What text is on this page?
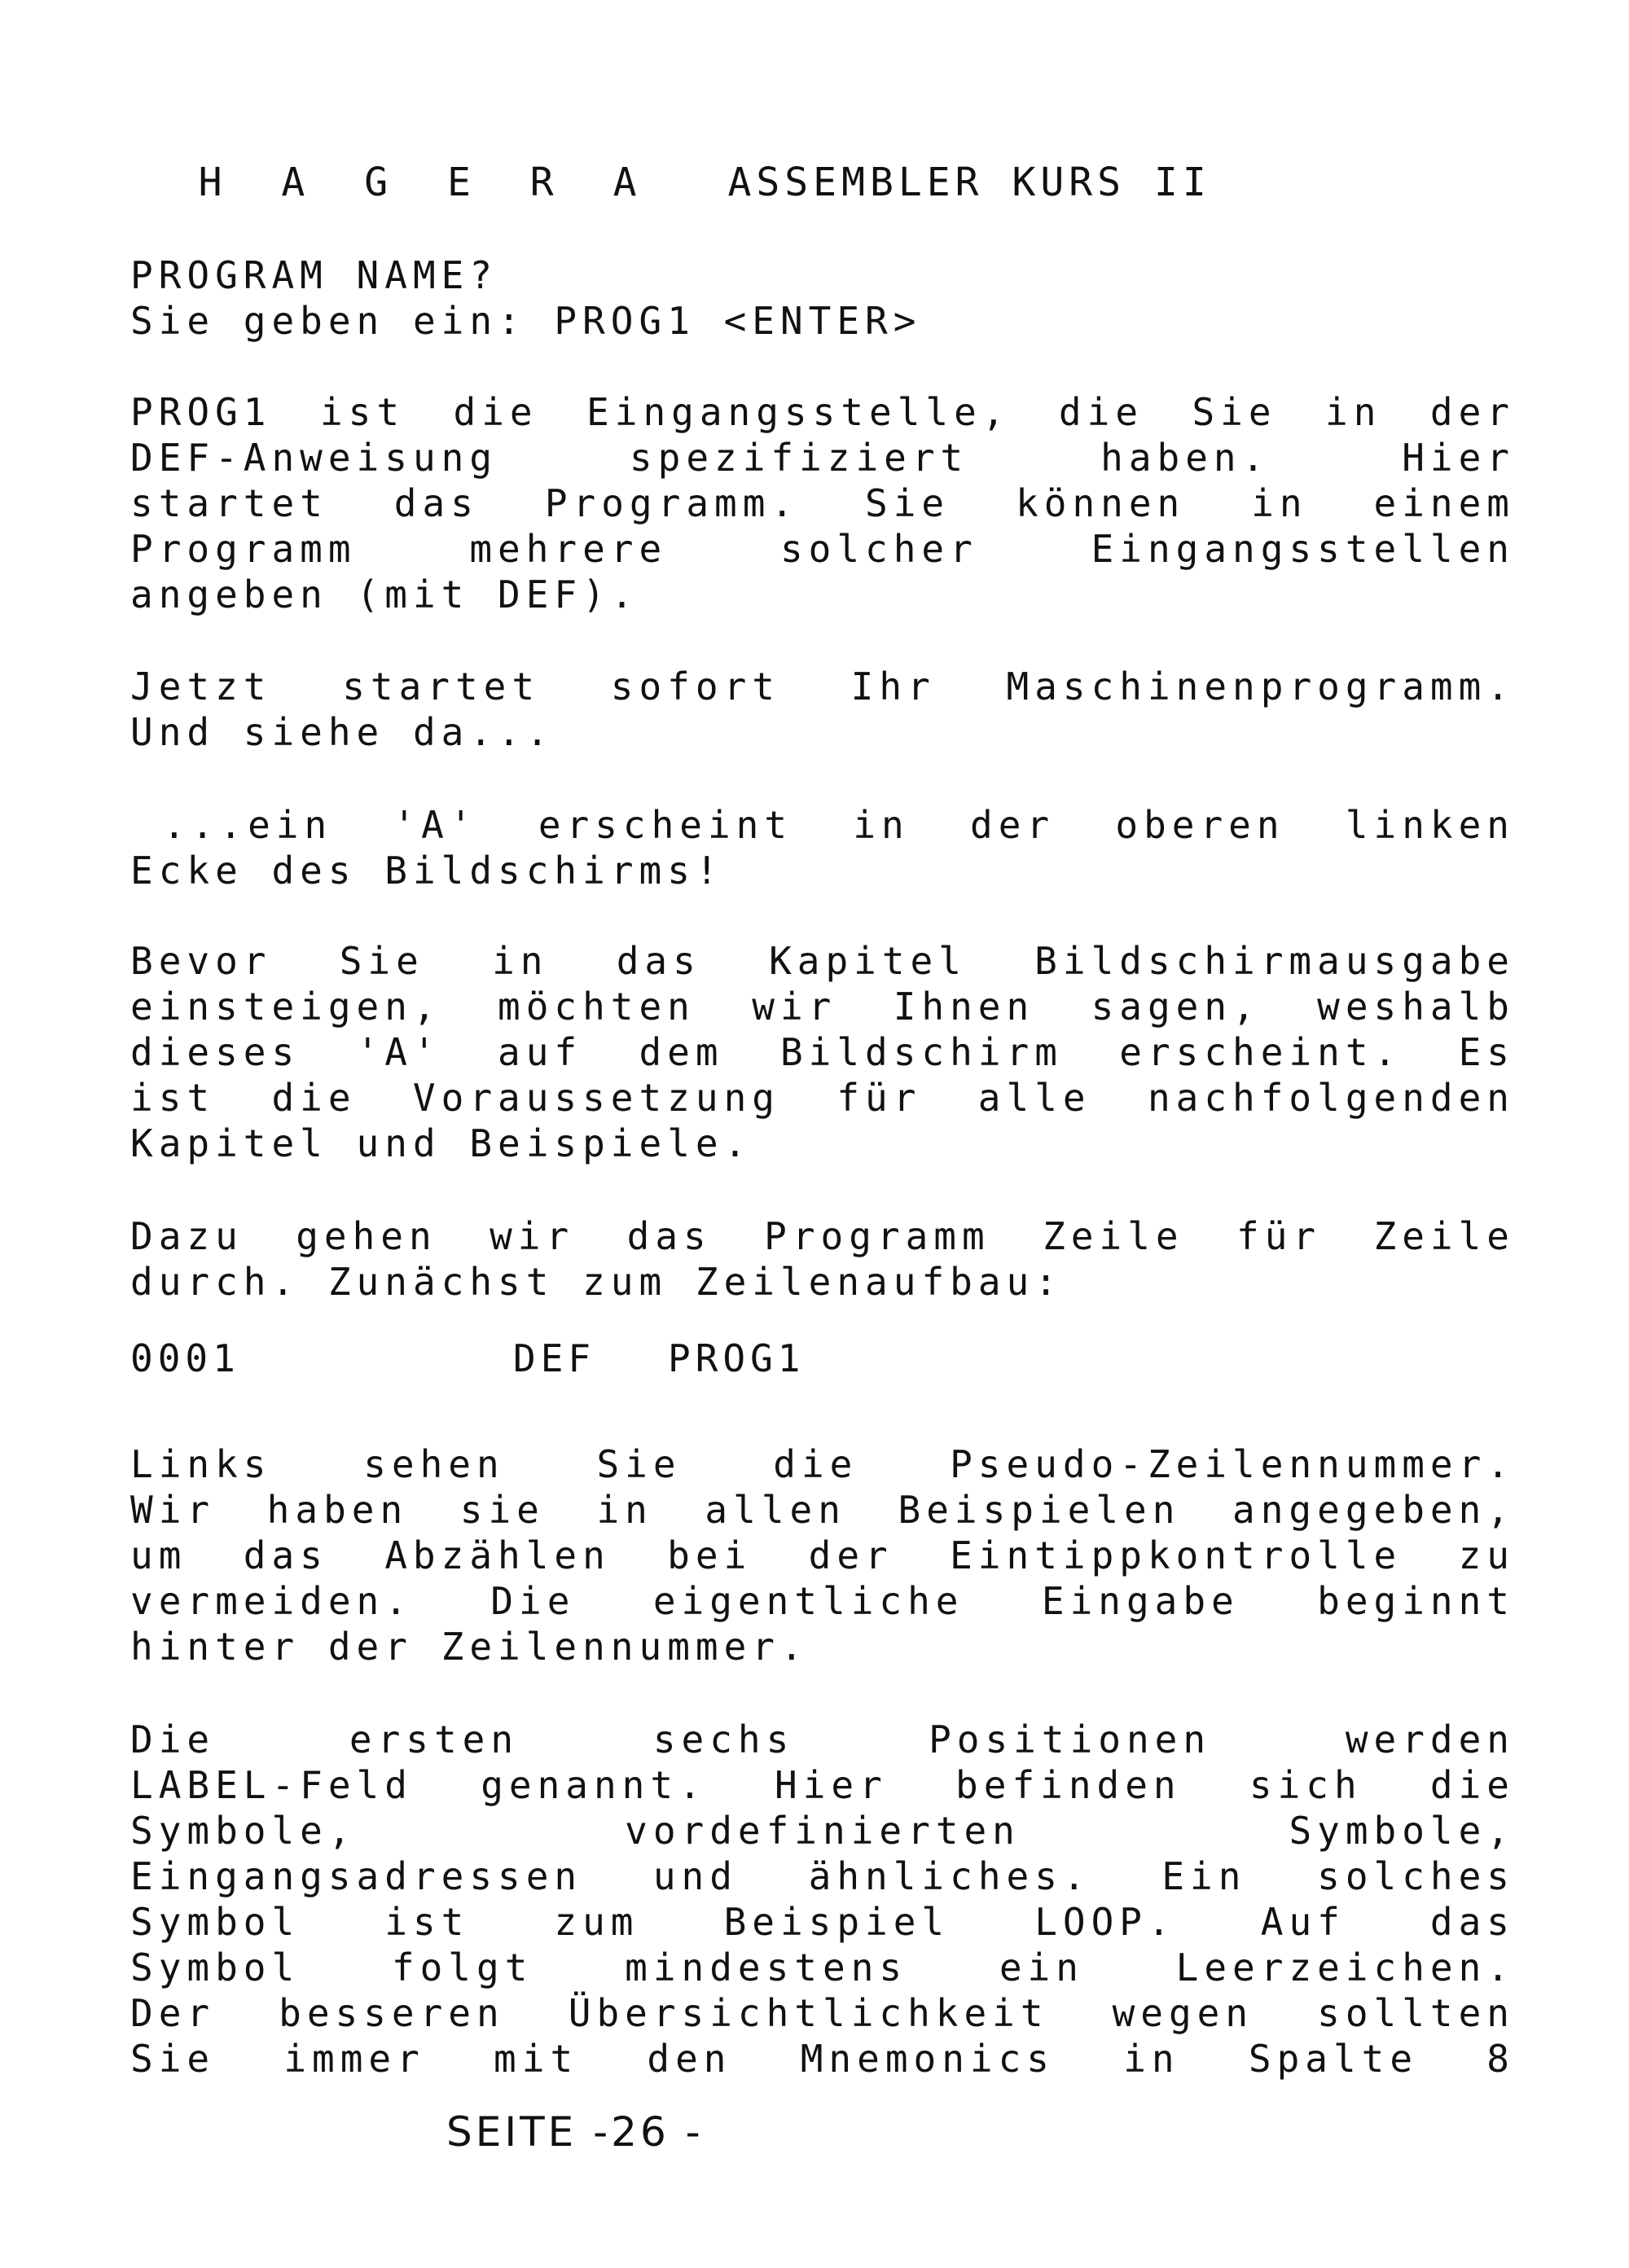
H A G E R A ASSEMBLER KURS II

PROGRAM NAME?
Sie geben ein: PROG1 <ENTER>
PROG1 ist die Eingangsstelle, die Sie in der
DEF-Anweisung spezifiziert haben. Hier
startet das Programm. Sie können in einem
Programm mehrere solcher Eingangsstellen
angeben (mit DEF).
Jetzt startet sofort Ihr Maschinenprogramm.
Und siehe da...
...ein 'A' erscheint in der oberen linken
Ecke des Bildschirms!
Bevor Sie in das Kapitel Bildschirmausgabe
einsteigen, möchten wir Ihnen sagen, weshalb
dieses 'A' auf dem Bildschirm erscheint. Es
ist die Voraussetzung für alle nachfolgenden
Kapitel und Beispiele.
Dazu gehen wir das Programm Zeile für Zeile
durch. Zunächst zum Zeilenaufbau:
0001	DEF PROG1
Links sehen Sie die Pseudo-Zeilennummer.
Wir haben sie in allen Beispielen angegeben,
um das Abzählen bei der Eintippkontrolle zu
vermeiden. Die eigentliche Eingabe beginnt
hinter der Zeilennummer.
Die ersten sechs Positionen werden
LABEL-Feld genannt. Hier befinden sich die
Symbole, vordefinierten Symbole,
Eingangsadressen und ähnliches. Ein solches
Symbol ist zum Beispiel LOOP. Auf das
Symbol folgt mindestens ein Leerzeichen.
Der besseren Übersichtlichkeit wegen sollten
Sie immer mit den Mnemonics in Spalte 8
SEITE -26 -
